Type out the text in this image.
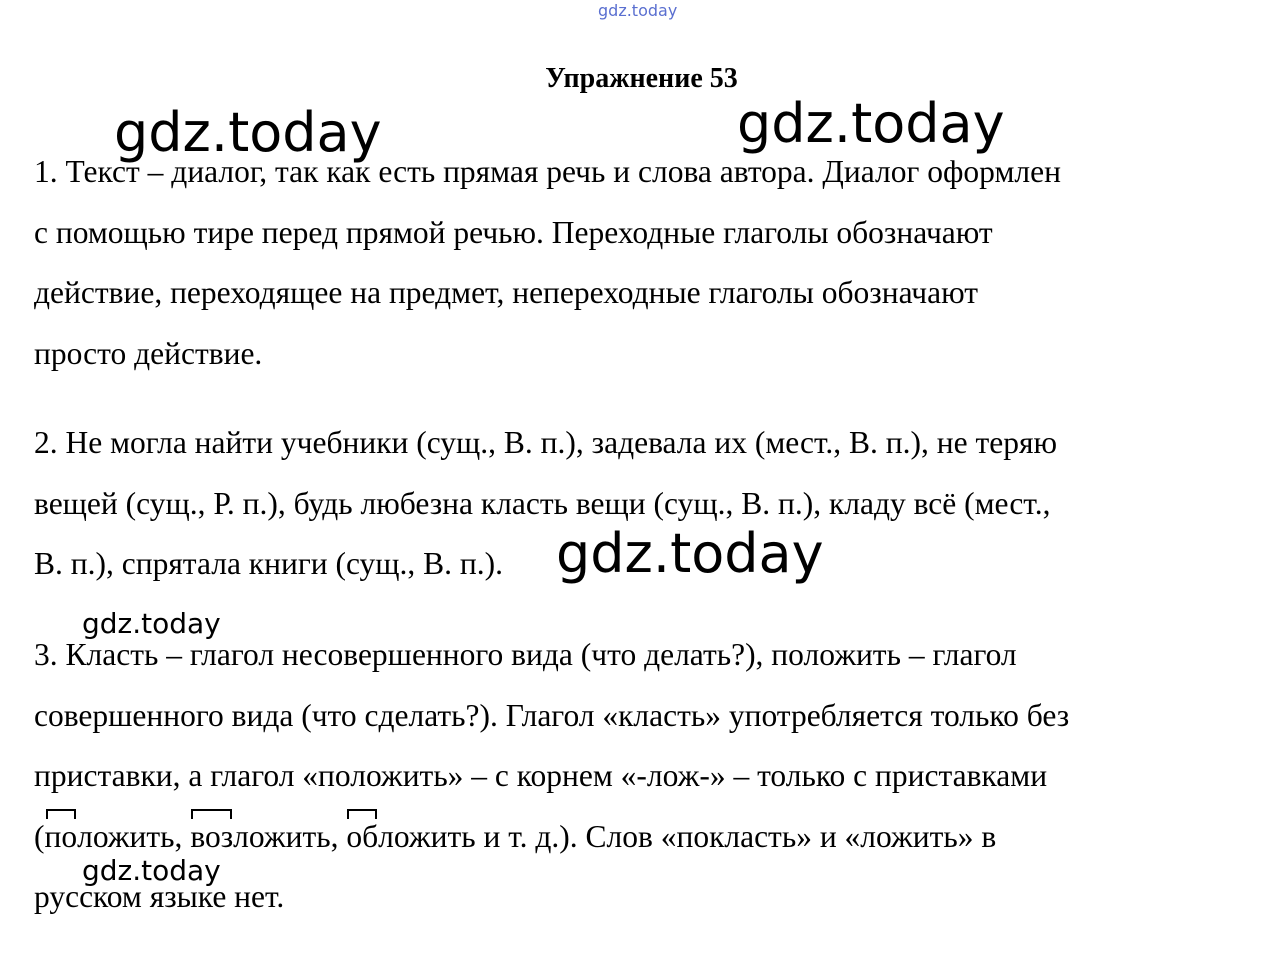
gdz.today
Упражнение 53
1. Текст – диалог, так как есть прямая речь и слова автора. Диалог оформлен
с помощью тире перед прямой речью. Переходные глаголы обозначают
действие, переходящее на предмет, непереходные глаголы обозначают
просто действие.
2. Не могла найти учебники (сущ., В. п.), задевала их (мест., В. п.), не теряю
вещей (сущ., Р. п.), будь любезна класть вещи (сущ., В. п.), кладу всё (мест.,
В. п.), спрятала книги (сущ., В. п.).
3. Класть – глагол несовершенного вида (что делать?), положить – глагол
совершенного вида (что сделать?). Глагол «класть» употребляется только без
приставки, а глагол «положить» – с корнем «-лож-» – только с приставками
(положить, возложить, обложить и т. д.). Слов «покласть» и «ложить» в
русском языке нет.
gdz.today	gdz.today
gdz.today
gdz.today
gdz.today
